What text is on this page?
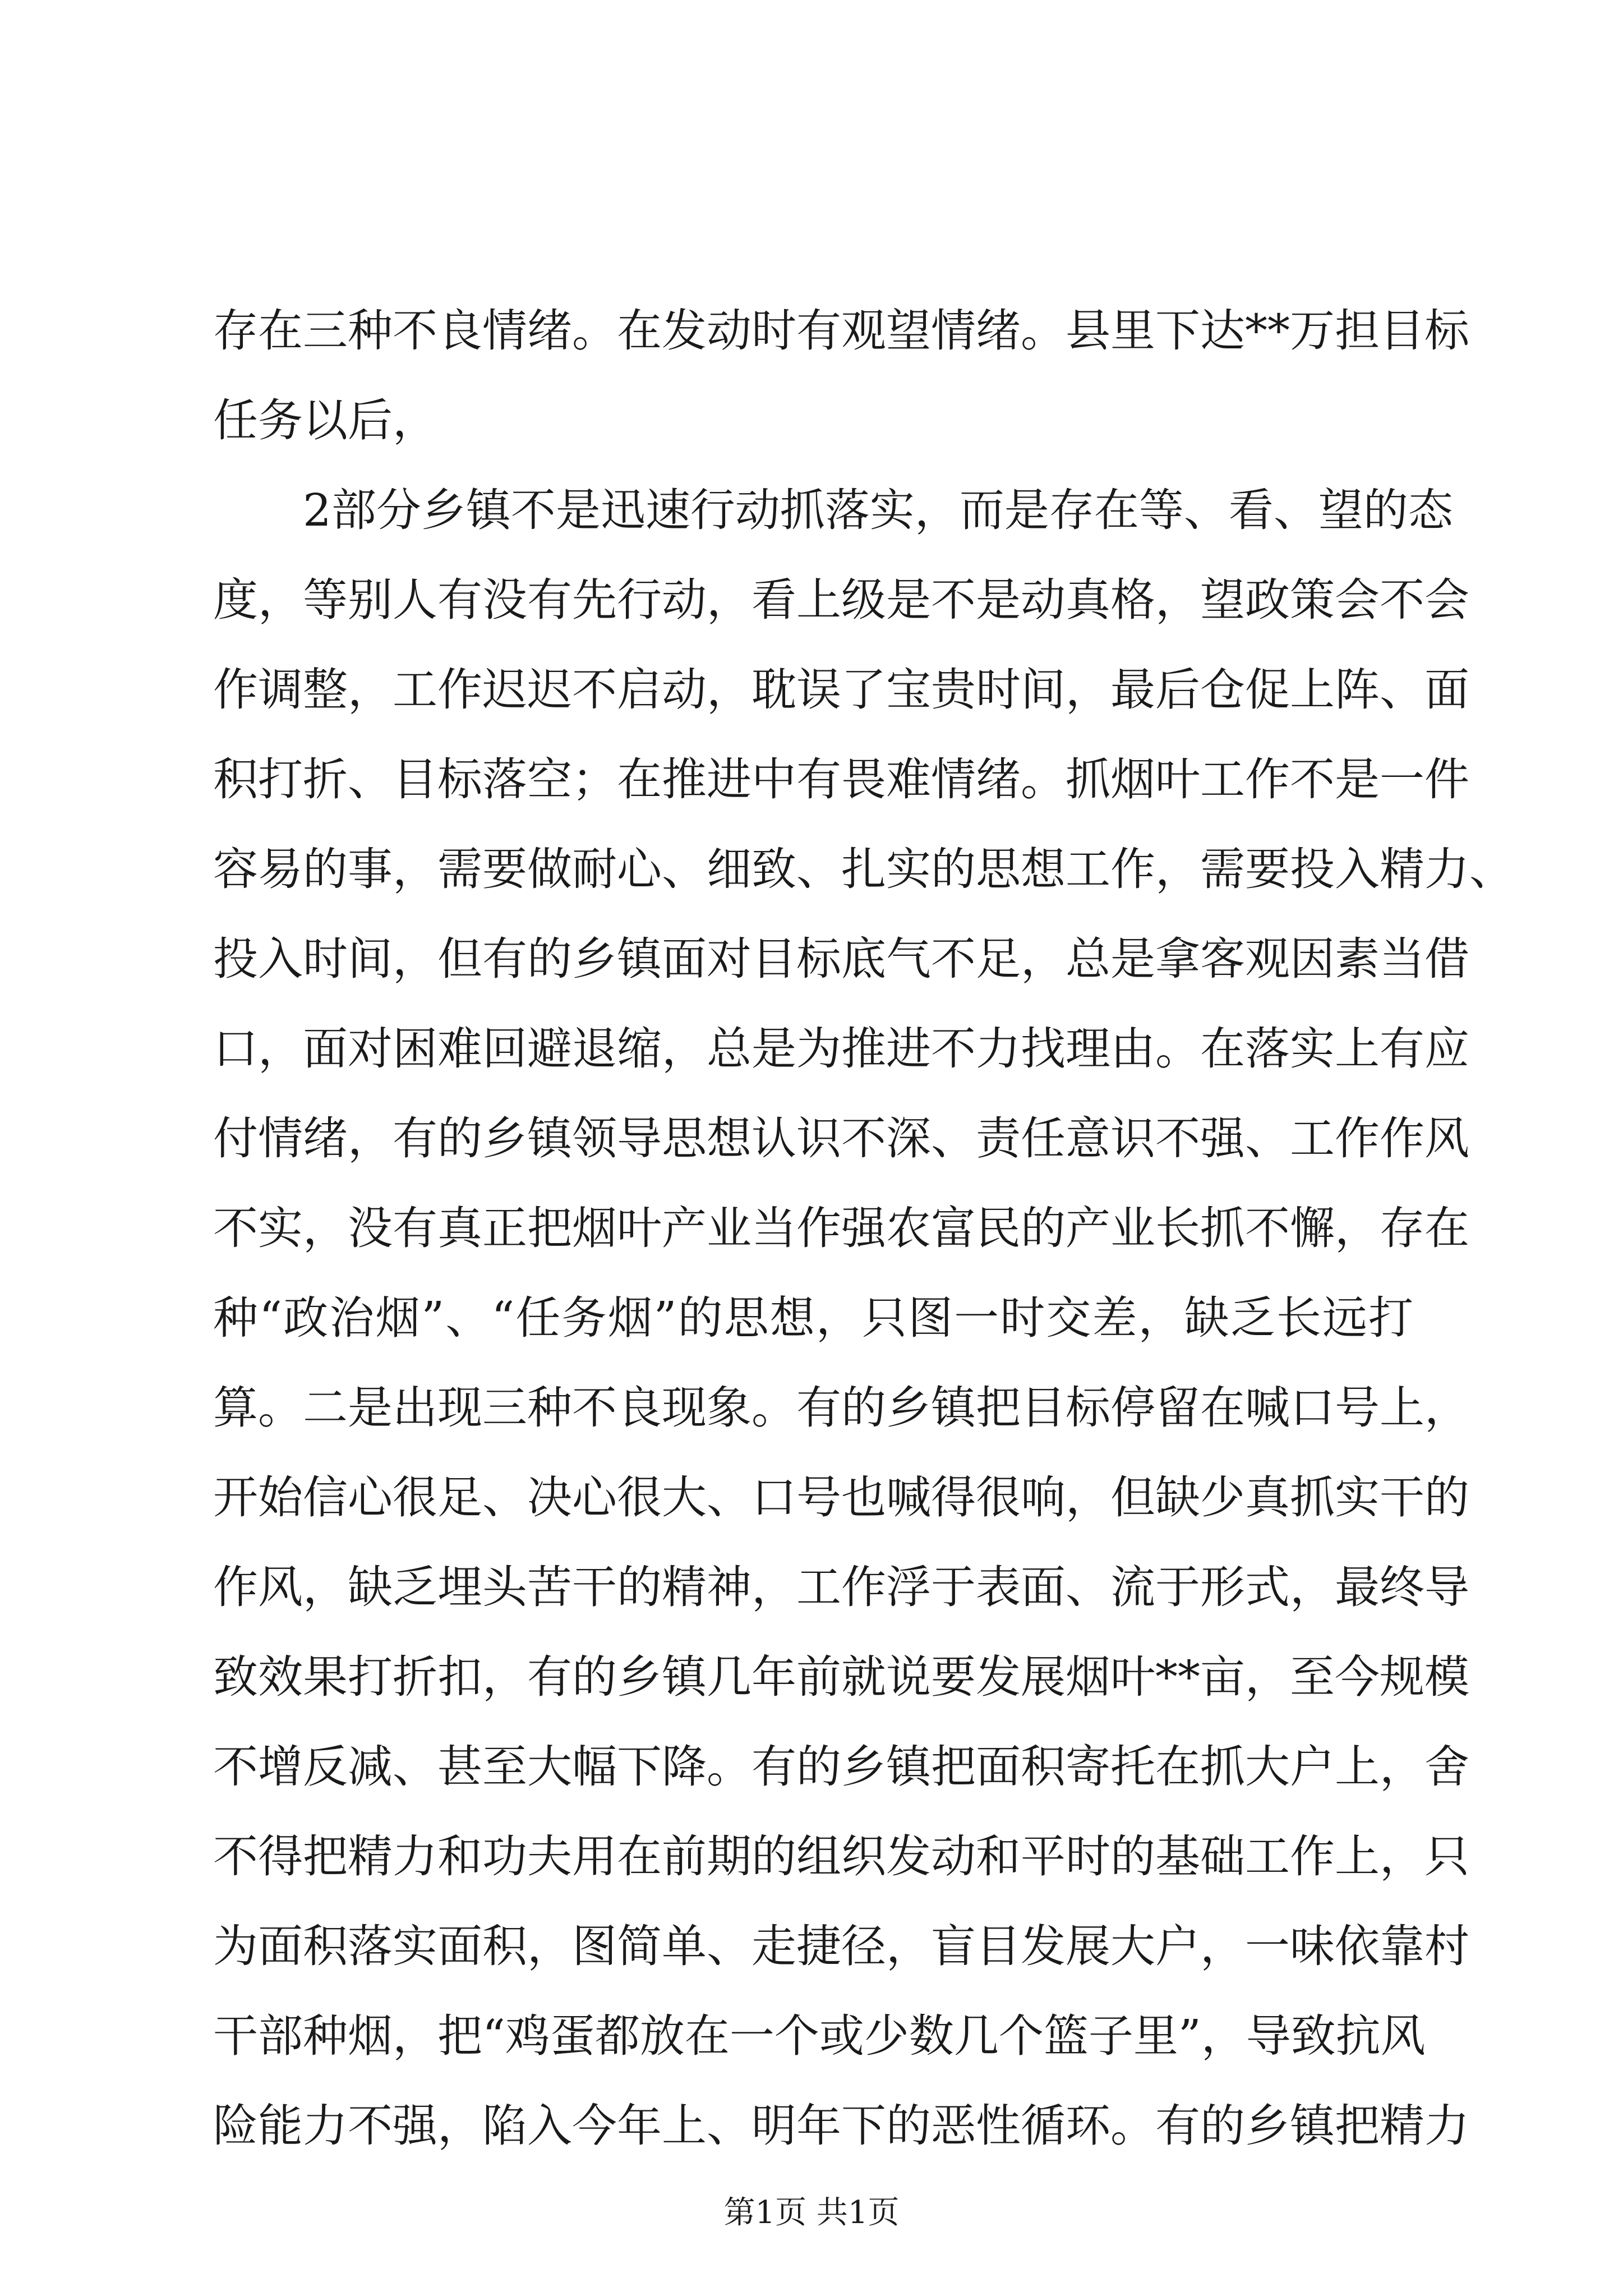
存在三种不良情绪。在发动时有观望情绪。县里下达**万担目标
任务以后，
2部分乡镇不是迅速行动抓落实，而是存在等、看、望的态
度，等别人有没有先行动，看上级是不是动真格，望政策会不会
作调整，工作迟迟不启动，耽误了宝贵时间，最后仓促上阵、面
积打折、目标落空；在推进中有畏难情绪。抓烟叶工作不是一件
容易的事，需要做耐心、细致、扎实的思想工作，需要投入精力、
投入时间，但有的乡镇面对目标底气不足，总是拿客观因素当借
口，面对困难回避退缩，总是为推进不力找理由。在落实上有应
付情绪，有的乡镇领导思想认识不深、责任意识不强、工作作风
不实，没有真正把烟叶产业当作强农富民的产业长抓不懈，存在
种“政治烟”、“任务烟”的思想，只图一时交差，缺乏长远打
算。二是出现三种不良现象。有的乡镇把目标停留在喊口号上，
开始信心很足、决心很大、口号也喊得很响，但缺少真抓实干的
作风，缺乏埋头苦干的精神，工作浮于表面、流于形式，最终导
致效果打折扣，有的乡镇几年前就说要发展烟叶**亩，至今规模
不增反减、甚至大幅下降。有的乡镇把面积寄托在抓大户上，舍
不得把精力和功夫用在前期的组织发动和平时的基础工作上，只
为面积落实面积，图简单、走捷径，盲目发展大户，一味依靠村
干部种烟，把“鸡蛋都放在一个或少数几个篮子里”，导致抗风
险能力不强，陷入今年上、明年下的恶性循环。有的乡镇把精力
第1页 共1页
